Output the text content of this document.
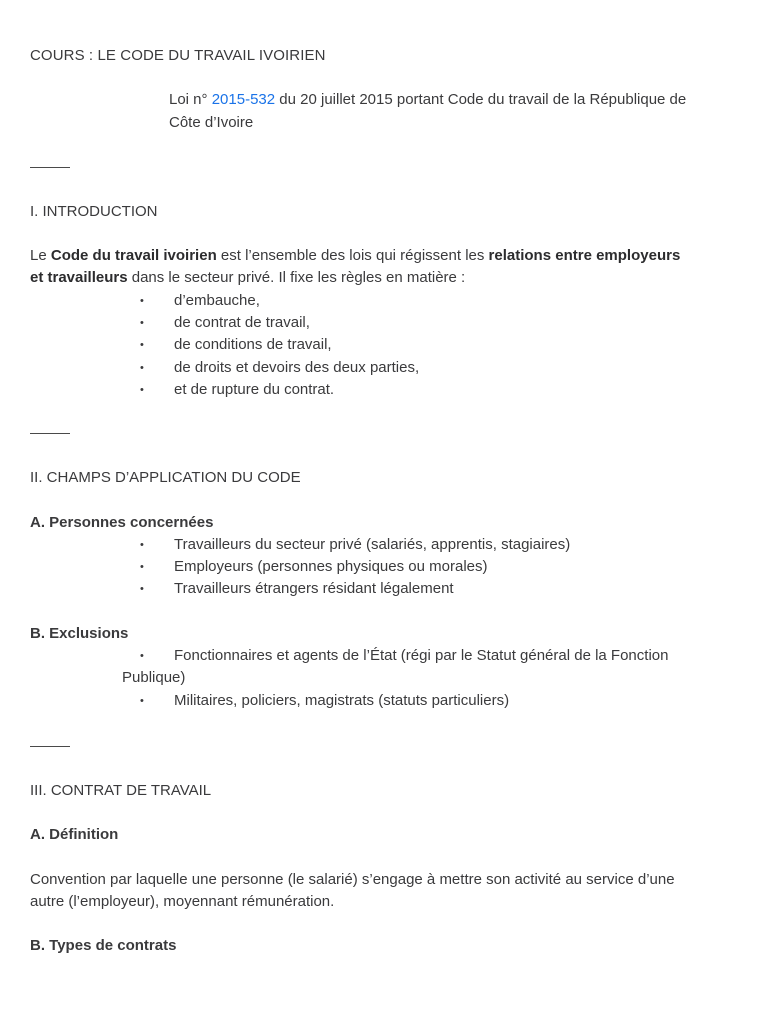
COURS : LE CODE DU TRAVAIL IVOIRIEN
Loi n° 2015-532 du 20 juillet 2015 portant Code du travail de la République de
Côte d’Ivoire
I. INTRODUCTION
Le Code du travail ivoirien est l’ensemble des lois qui régissent les relations entre employeurs
et travailleurs dans le secteur privé. Il fixe les règles en matière :
• d’embauche,
• de contrat de travail,
• de conditions de travail,
• de droits et devoirs des deux parties,
• et de rupture du contrat.
II. CHAMPS D’APPLICATION DU CODE
A. Personnes concernées
• Travailleurs du secteur privé (salariés, apprentis, stagiaires)
• Employeurs (personnes physiques ou morales)
• Travailleurs étrangers résidant légalement
B. Exclusions
• Fonctionnaires et agents de l’État (régi par le Statut général de la Fonction
Publique)
• Militaires, policiers, magistrats (statuts particuliers)
III. CONTRAT DE TRAVAIL
A. Définition
Convention par laquelle une personne (le salarié) s’engage à mettre son activité au service d’une
autre (l’employeur), moyennant rémunération.
B. Types de contrats
